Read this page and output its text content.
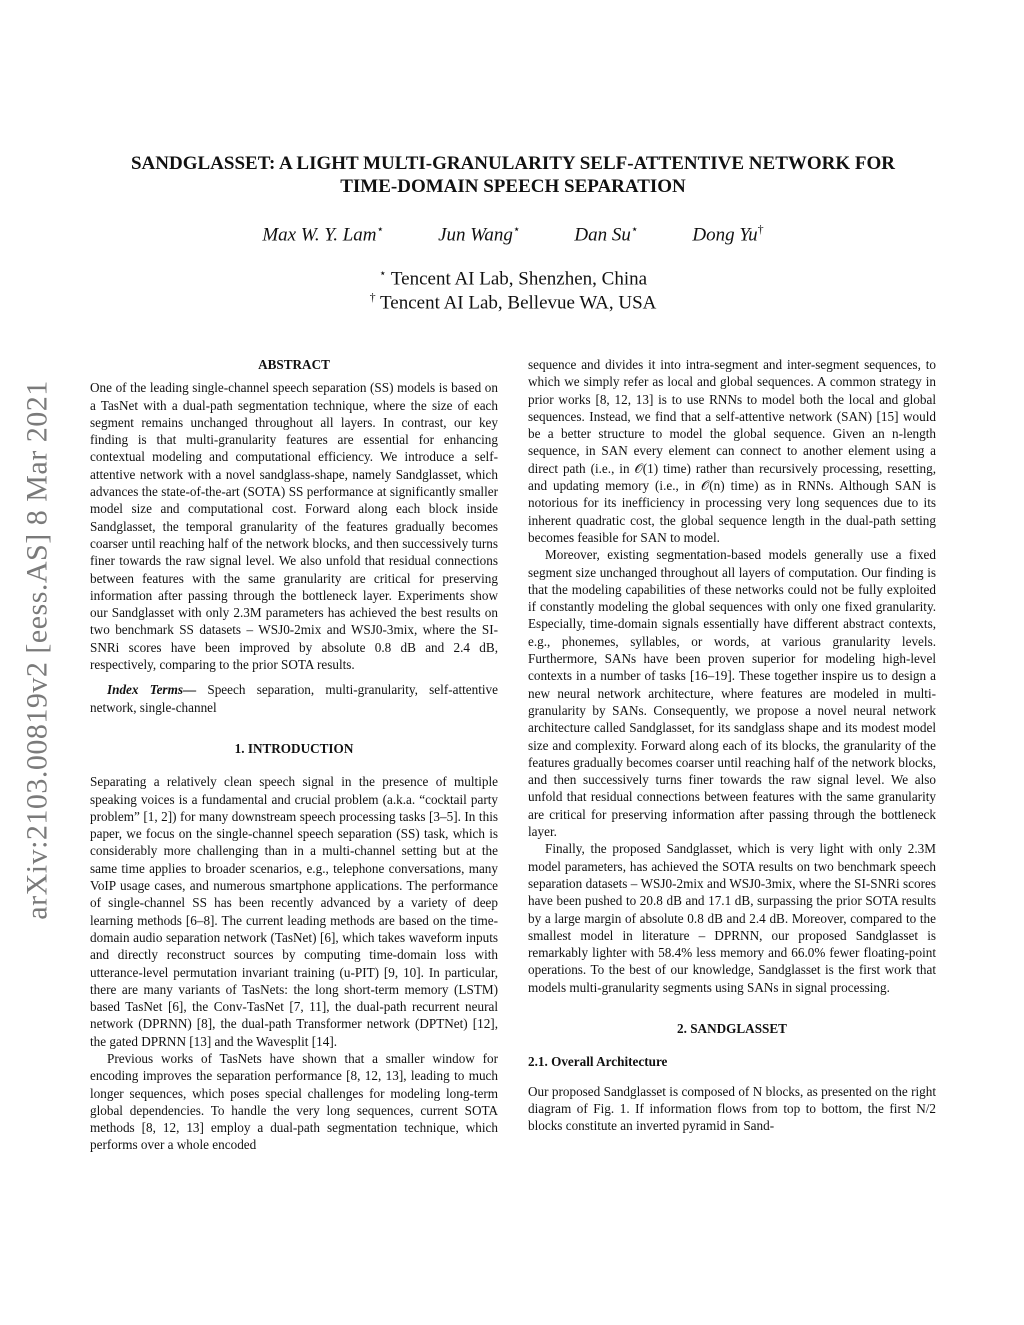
arXiv:2103.00819v2 [eess.AS] 8 Mar 2021
SANDGLASSET: A LIGHT MULTI-GRANULARITY SELF-ATTENTIVE NETWORK FOR
TIME-DOMAIN SPEECH SEPARATION
Max W. Y. Lam⋆	Jun Wang⋆	Dan Su⋆	Dong Yu†
⋆ Tencent AI Lab, Shenzhen, China
† Tencent AI Lab, Bellevue WA, USA

ABSTRACT

One of the leading single-channel speech separation (SS) models is based on a TasNet with a dual-path segmentation technique, where the size of each segment remains unchanged throughout all layers. In contrast, our key finding is that multi-granularity features are essential for enhancing contextual modeling and computational efficiency. We introduce a self-attentive network with a novel sandglass-shape, namely Sandglasset, which advances the state-of-the-art (SOTA) SS performance at significantly smaller model size and computational cost. Forward along each block inside Sandglasset, the temporal granularity of the features gradually becomes coarser until reaching half of the network blocks, and then successively turns finer towards the raw signal level. We also unfold that residual connections between features with the same granularity are critical for preserving information after passing through the bottleneck layer. Experiments show our Sandglasset with only 2.3M parameters has achieved the best results on two benchmark SS datasets – WSJ0-2mix and WSJ0-3mix, where the SI-SNRi scores have been improved by absolute 0.8 dB and 2.4 dB, respectively, comparing to the prior SOTA results.

Index Terms— Speech separation, multi-granularity, self-attentive network, single-channel

1. INTRODUCTION

Separating a relatively clean speech signal in the presence of multiple speaking voices is a fundamental and crucial problem (a.k.a. “cocktail party problem” [1, 2]) for many downstream speech processing tasks [3–5]. In this paper, we focus on the single-channel speech separation (SS) task, which is considerably more challenging than in a multi-channel setting but at the same time applies to broader scenarios, e.g., telephone conversations, many VoIP usage cases, and numerous smartphone applications. The performance of single-channel SS has been recently advanced by a variety of deep learning methods [6–8]. The current leading methods are based on the time-domain audio separation network (TasNet) [6], which takes waveform inputs and directly reconstruct sources by computing time-domain loss with utterance-level permutation invariant training (u-PIT) [9, 10]. In particular, there are many variants of TasNets: the long short-term memory (LSTM) based TasNet [6], the Conv-TasNet [7, 11], the dual-path recurrent neural network (DPRNN) [8], the dual-path Transformer network (DPTNet) [12], the gated DPRNN [13] and the Wavesplit [14].

Previous works of TasNets have shown that a smaller window for encoding improves the separation performance [8, 12, 13], leading to much longer sequences, which poses special challenges for modeling long-term global dependencies. To handle the very long sequences, current SOTA methods [8, 12, 13] employ a dual-path segmentation technique, which performs over a whole encoded

sequence and divides it into intra-segment and inter-segment sequences, to which we simply refer as local and global sequences. A common strategy in prior works [8, 12, 13] is to use RNNs to model both the local and global sequences. Instead, we find that a self-attentive network (SAN) [15] would be a better structure to model the global sequence. Given an n-length sequence, in SAN every element can connect to another element using a direct path (i.e., in 𝒪(1) time) rather than recursively processing, resetting, and updating memory (i.e., in 𝒪(n) time) as in RNNs. Although SAN is notorious for its inefficiency in processing very long sequences due to its inherent quadratic cost, the global sequence length in the dual-path setting becomes feasible for SAN to model.

Moreover, existing segmentation-based models generally use a fixed segment size unchanged throughout all layers of computation. Our finding is that the modeling capabilities of these networks could not be fully exploited if constantly modeling the global sequences with only one fixed granularity. Especially, time-domain signals essentially have different abstract contexts, e.g., phonemes, syllables, or words, at various granularity levels. Furthermore, SANs have been proven superior for modeling high-level contexts in a number of tasks [16–19]. These together inspire us to design a new neural network architecture, where features are modeled in multi-granularity by SANs. Consequently, we propose a novel neural network architecture called Sandglasset, for its sandglass shape and its modest model size and complexity. Forward along each of its blocks, the granularity of the features gradually becomes coarser until reaching half of the network blocks, and then successively turns finer towards the raw signal level. We also unfold that residual connections between features with the same granularity are critical for preserving information after passing through the bottleneck layer.

Finally, the proposed Sandglasset, which is very light with only 2.3M model parameters, has achieved the SOTA results on two benchmark speech separation datasets – WSJ0-2mix and WSJ0-3mix, where the SI-SNRi scores have been pushed to 20.8 dB and 17.1 dB, surpassing the prior SOTA results by a large margin of absolute 0.8 dB and 2.4 dB. Moreover, compared to the smallest model in literature – DPRNN, our proposed Sandglasset is remarkably lighter with 58.4% less memory and 66.0% fewer floating-point operations. To the best of our knowledge, Sandglasset is the first work that models multi-granularity segments using SANs in signal processing.

2. SANDGLASSET

2.1. Overall Architecture

Our proposed Sandglasset is composed of N blocks, as presented on the right diagram of Fig. 1. If information flows from top to bottom, the first N/2 blocks constitute an inverted pyramid in Sand-
